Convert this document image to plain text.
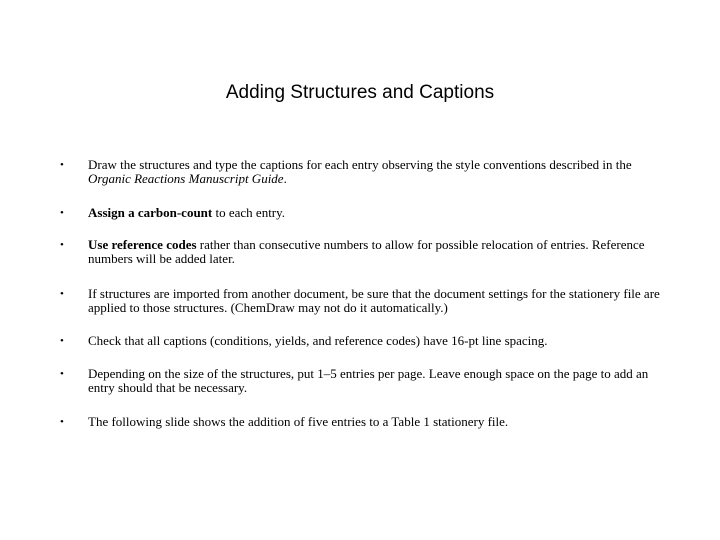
Adding Structures and Captions
• Draw the structures and type the captions for each entry observing the style conventions described in the Organic Reactions Manuscript Guide.
• Assign a carbon-count to each entry.
• Use reference codes rather than consecutive numbers to allow for possible relocation of entries. Reference numbers will be added later.
• If structures are imported from another document, be sure that the document settings for the stationery file are applied to those structures. (ChemDraw may not do it automatically.)
• Check that all captions (conditions, yields, and reference codes) have 16-pt line spacing.
• Depending on the size of the structures, put 1–5 entries per page. Leave enough space on the page to add an entry should that be necessary.
• The following slide shows the addition of five entries to a Table 1 stationery file.
